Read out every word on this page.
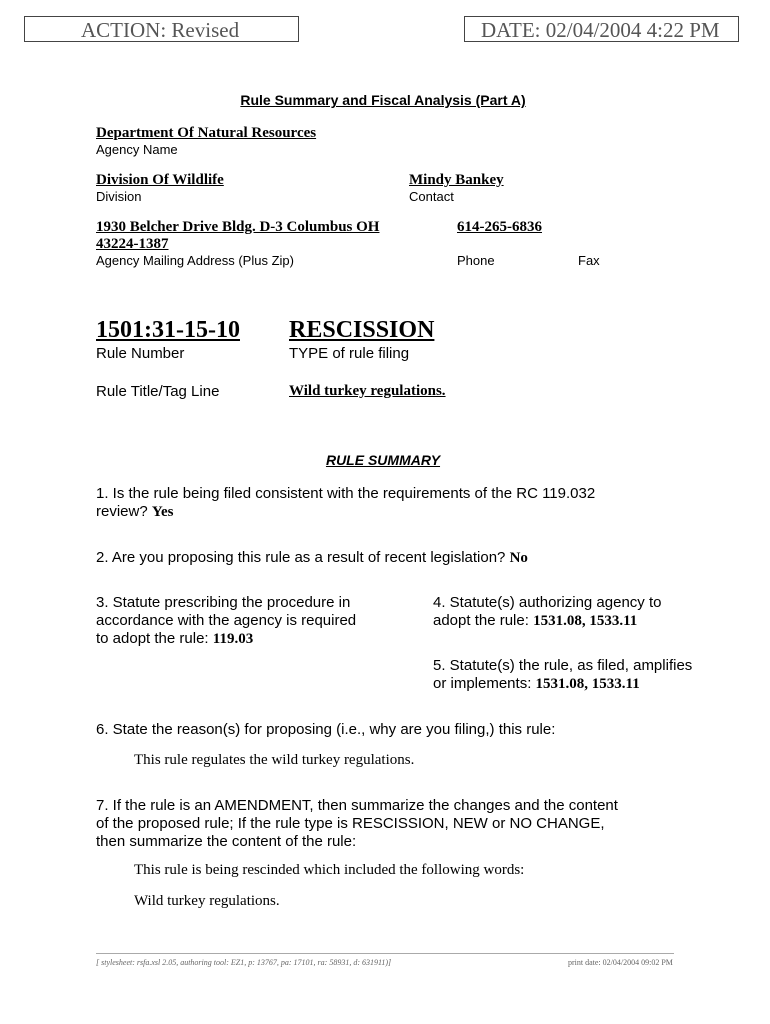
ACTION: Revised	DATE: 02/04/2004 4:22 PM
Rule Summary and Fiscal Analysis (Part A)
Department Of Natural Resources
Agency Name
Division Of Wildlife
Division
Mindy Bankey
Contact
1930 Belcher Drive Bldg. D-3 Columbus OH
43224-1387
Agency Mailing Address (Plus Zip)
614-265-6836
Phone	Fax
1501:31-15-10
Rule Number
RESCISSION
TYPE of rule filing
Rule Title/Tag Line	Wild turkey regulations.
RULE SUMMARY
1. Is the rule being filed consistent with the requirements of the RC 119.032
review? Yes
2. Are you proposing this rule as a result of recent legislation? No
3. Statute prescribing the procedure in
accordance with the agency is required
to adopt the rule: 119.03
4. Statute(s) authorizing agency to
adopt the rule: 1531.08, 1533.11
5. Statute(s) the rule, as filed, amplifies
or implements: 1531.08, 1533.11
6. State the reason(s) for proposing (i.e., why are you filing,) this rule:
This rule regulates the wild turkey regulations.
7. If the rule is an AMENDMENT, then summarize the changes and the content
of the proposed rule; If the rule type is RESCISSION, NEW or NO CHANGE,
then summarize the content of the rule:
This rule is being rescinded which included the following words:
Wild turkey regulations.
[ stylesheet: rsfa.xsl 2.05, authoring tool: EZ1, p: 13767, pa: 17101, ra: 58931, d: 631911)]	print date: 02/04/2004 09:02 PM
